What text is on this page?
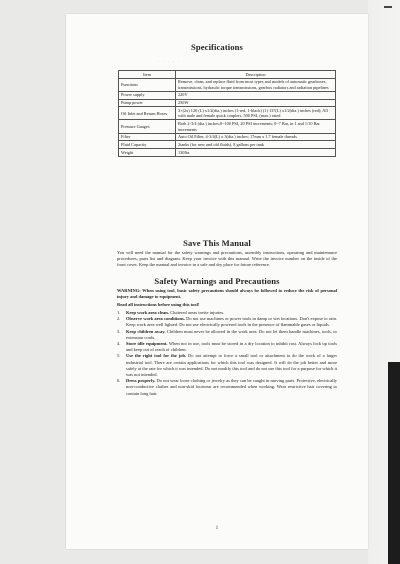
· · · · ·
Specifications
Item	Description
Functions	Remove, clean, and replace fluid from most types and models of automatic gearboxes, transmissions, hydraulic torque transmissions, gearbox radiators and radiation pipelines
Power supply	220V
Pump power	250W
Oil Inlet and Return Hoses	3×(2x) 120 (L) x1/2(dia.) inches (1-red, 1-black) (1) 137(L) x1/2(dia.) inches (red); All with male and female quick couplers, 500 PSI, (max.) rated
Pressure Gauges	Both 2-3/4 (dia.) inches;0~100 PSI, 20 PSI increments; 0~7 Bar, in 1 and 1/10 Bar increments
Filter	Auto Oil Filter, 4-3/4(L) x 3(dia.) inches; 17mm x 1.7 female threads
Fluid Capacity	2tanks (for new and old fluids), 8 gallons per tank
Weight	130lbs
Save This Manual

You will need the manual for the safety warnings and precautions, assembly instructions, operating and maintenance procedures, parts list and diagram. Keep your invoice with this manual. Write the invoice number on the inside of the front cover. Keep the manual and invoice in a safe and dry place for future reference.

Safety Warnings and Precautions

WARNING: When using tool, basic safety precautions should always be followed to reduce the risk of personal injury and damage to equipment.

Read all instructions before using this tool!

1. Keep work area clean. Cluttered areas invite injuries.
2. Observe work area conditions. Do not use machines or power tools in damp or wet locations. Don't expose to rain. Keep work area well lighted. Do not use electrically powered tools in the presence of flammable gases or liquids.
3. Keep children away. Children must never be allowed in the work area. Do not let them handle machines, tools, or extension cords.
4. Store idle equipment. When not in use, tools must be stored in a dry location to inhibit rust. Always lock up tools and keep out of reach of children.
5. Use the right tool for the job. Do not attempt to force a small tool or attachment to do the work of a larger industrial tool. There are certain applications for which this tool was designed. It will do the job better and more safely at the rate for which it was intended. Do not modify this tool and do not use this tool for a purpose for which it was not intended.
6. Dress properly. Do not wear loose clothing or jewelry as they can be caught in moving parts. Protective, electrically non-conductive clothes and non-skid footwear are recommended when working. Wear restrictive hair covering to contain long hair.
1
